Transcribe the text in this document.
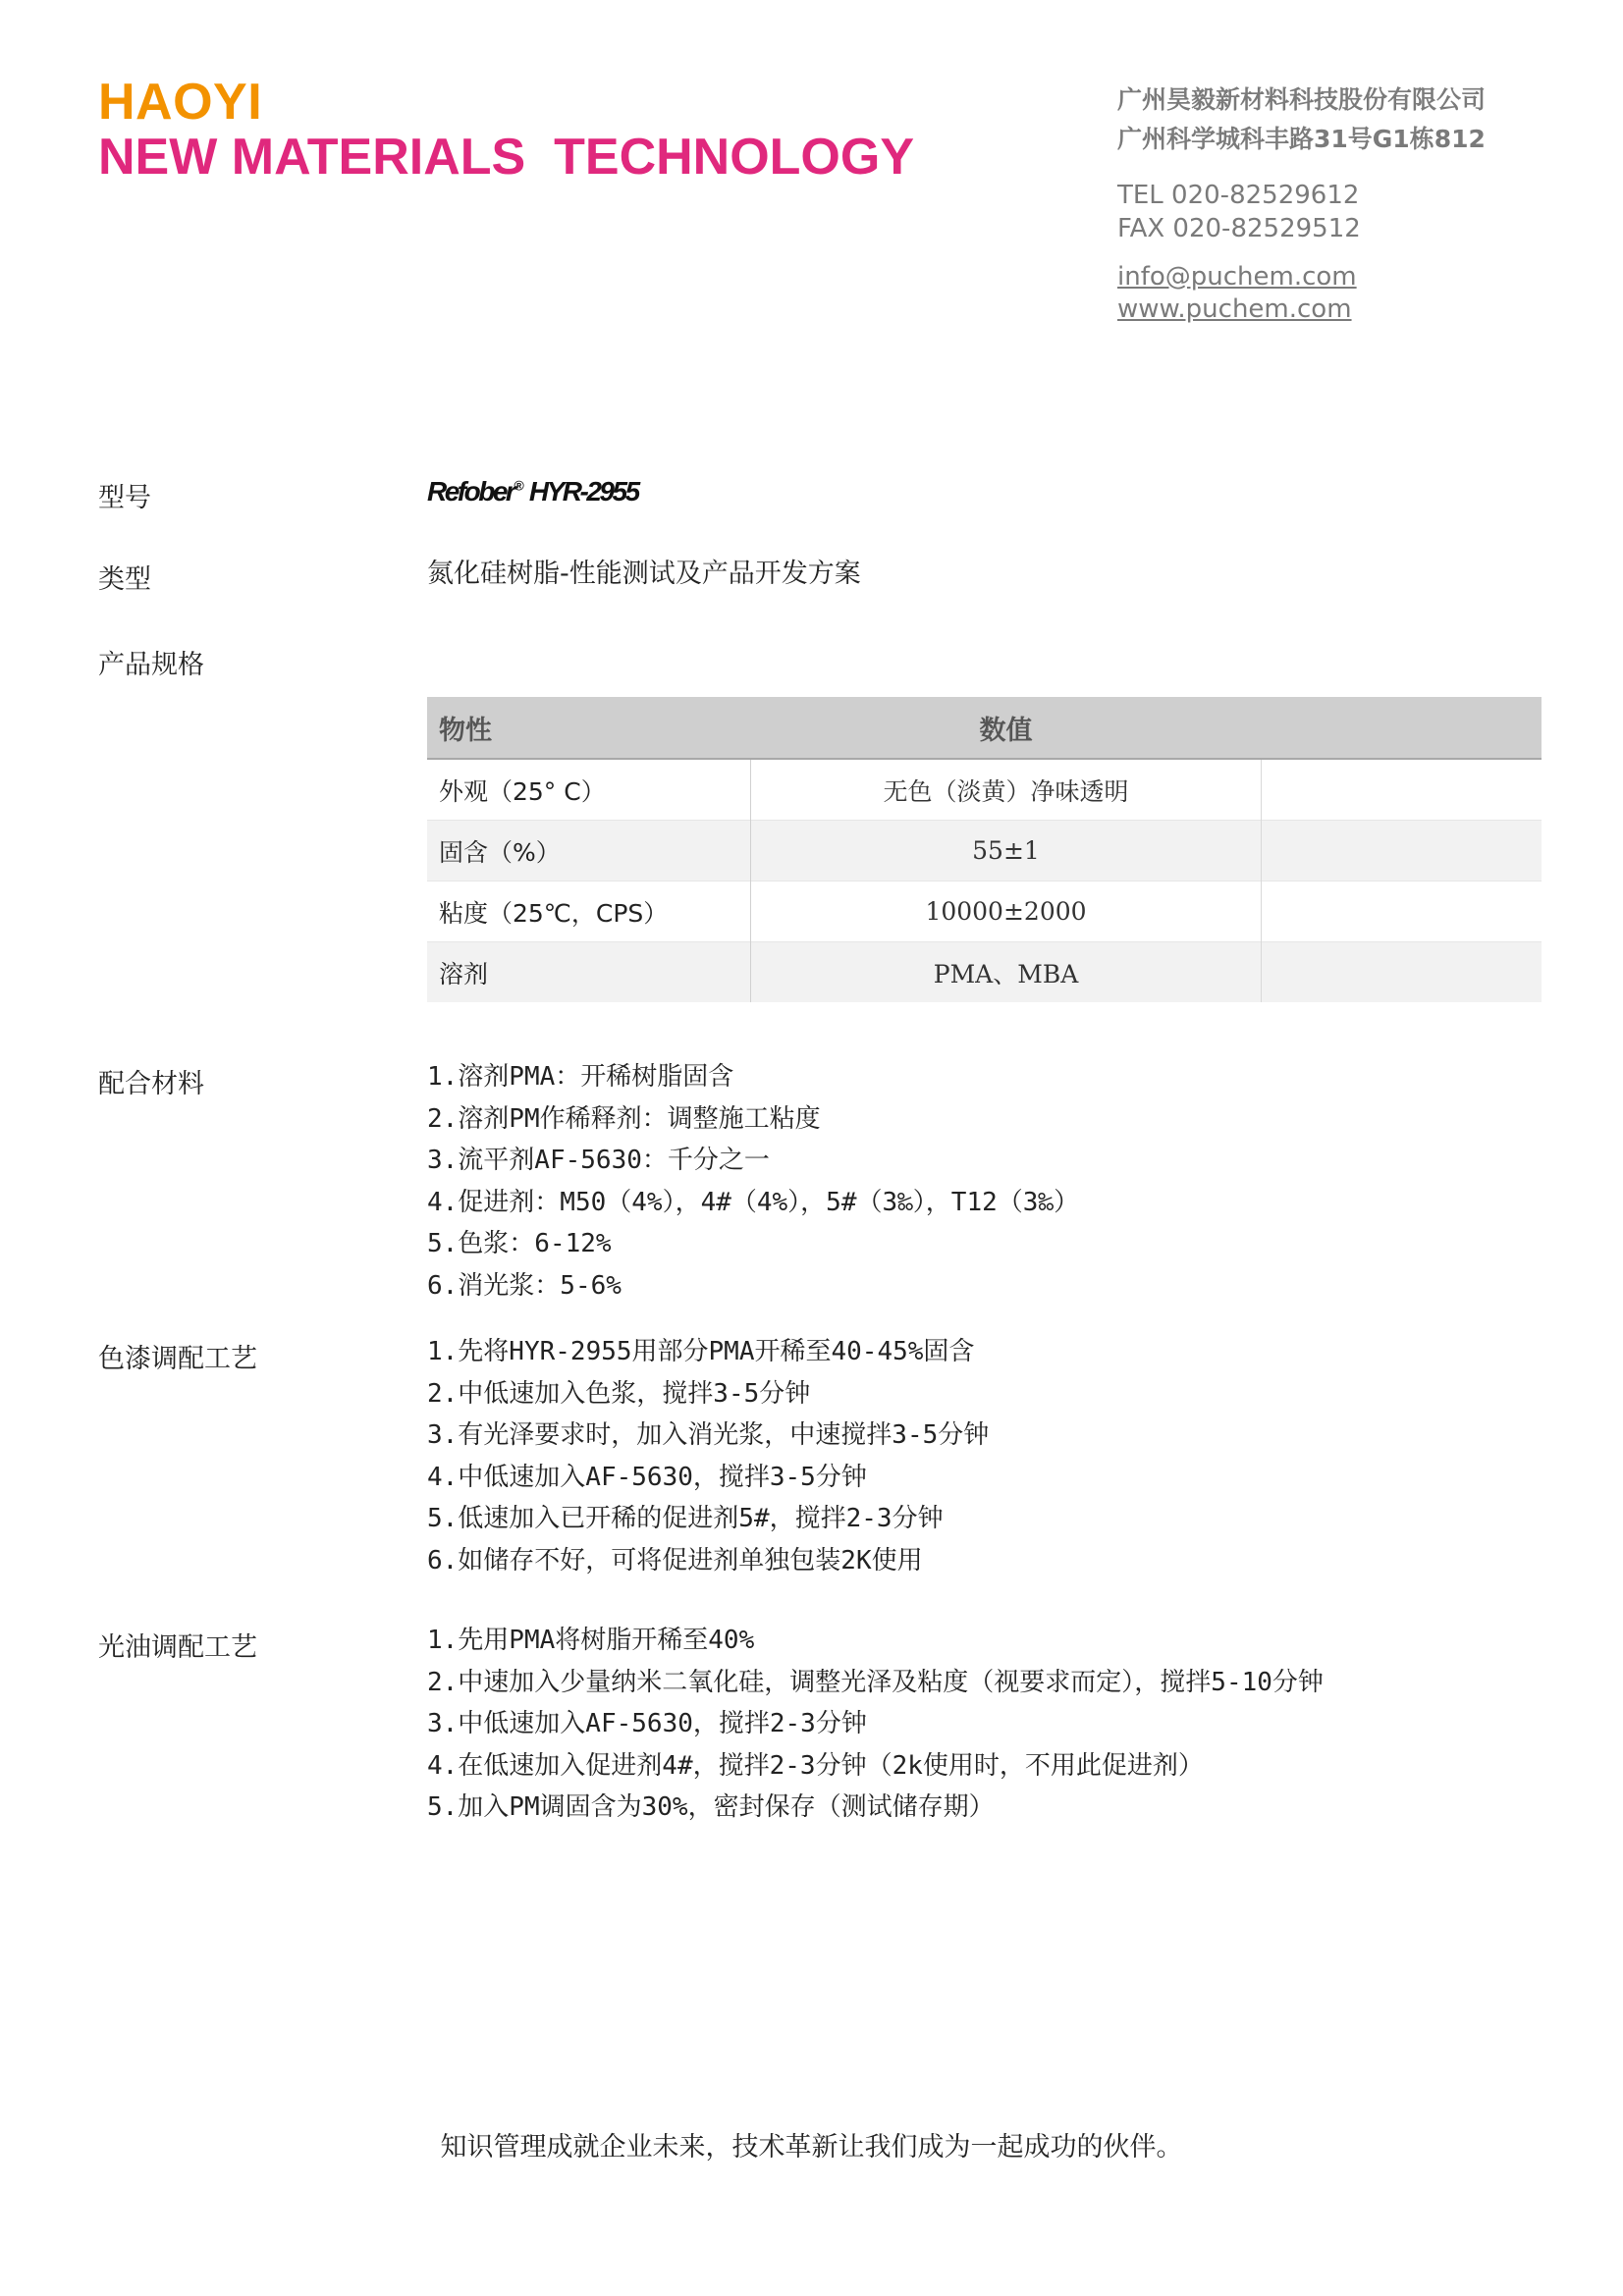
HAOYI
NEW MATERIALS  TECHNOLOGY
广州昊毅新材料科技股份有限公司
广州科学城科丰路31号G1栋812
TEL 020-82529612
FAX 020-82529512
info@puchem.com
www.puchem.com
型号	Refober® HYR-2955
类型	氮化硅树脂-性能测试及产品开发方案
产品规格
物性	数值	
外观（25° C）	无色（淡黄）净味透明	
固含（%）	55±1	
粘度（25℃，CPS）	10000±2000	
溶剂	PMA、MBA	
配合材料	1.溶剂PMA：开稀树脂固含
2.溶剂PM作稀释剂：调整施工粘度
3.流平剂AF-5630：千分之一
4.促进剂：M50（4%），4#（4%），5#（3‰），T12（3‰）
5.色浆：6-12%
6.消光浆：5-6%
色漆调配工艺	1.先将HYR-2955用部分PMA开稀至40-45%固含
2.中低速加入色浆，搅拌3-5分钟
3.有光泽要求时，加入消光浆，中速搅拌3-5分钟
4.中低速加入AF-5630，搅拌3-5分钟
5.低速加入已开稀的促进剂5#，搅拌2-3分钟
6.如储存不好，可将促进剂单独包装2K使用
光油调配工艺	1.先用PMA将树脂开稀至40%
2.中速加入少量纳米二氧化硅，调整光泽及粘度（视要求而定），搅拌5-10分钟
3.中低速加入AF-5630，搅拌2-3分钟
4.在低速加入促进剂4#，搅拌2-3分钟（2k使用时，不用此促进剂）
5.加入PM调固含为30%，密封保存（测试储存期）
知识管理成就企业未来，技术革新让我们成为一起成功的伙伴。
